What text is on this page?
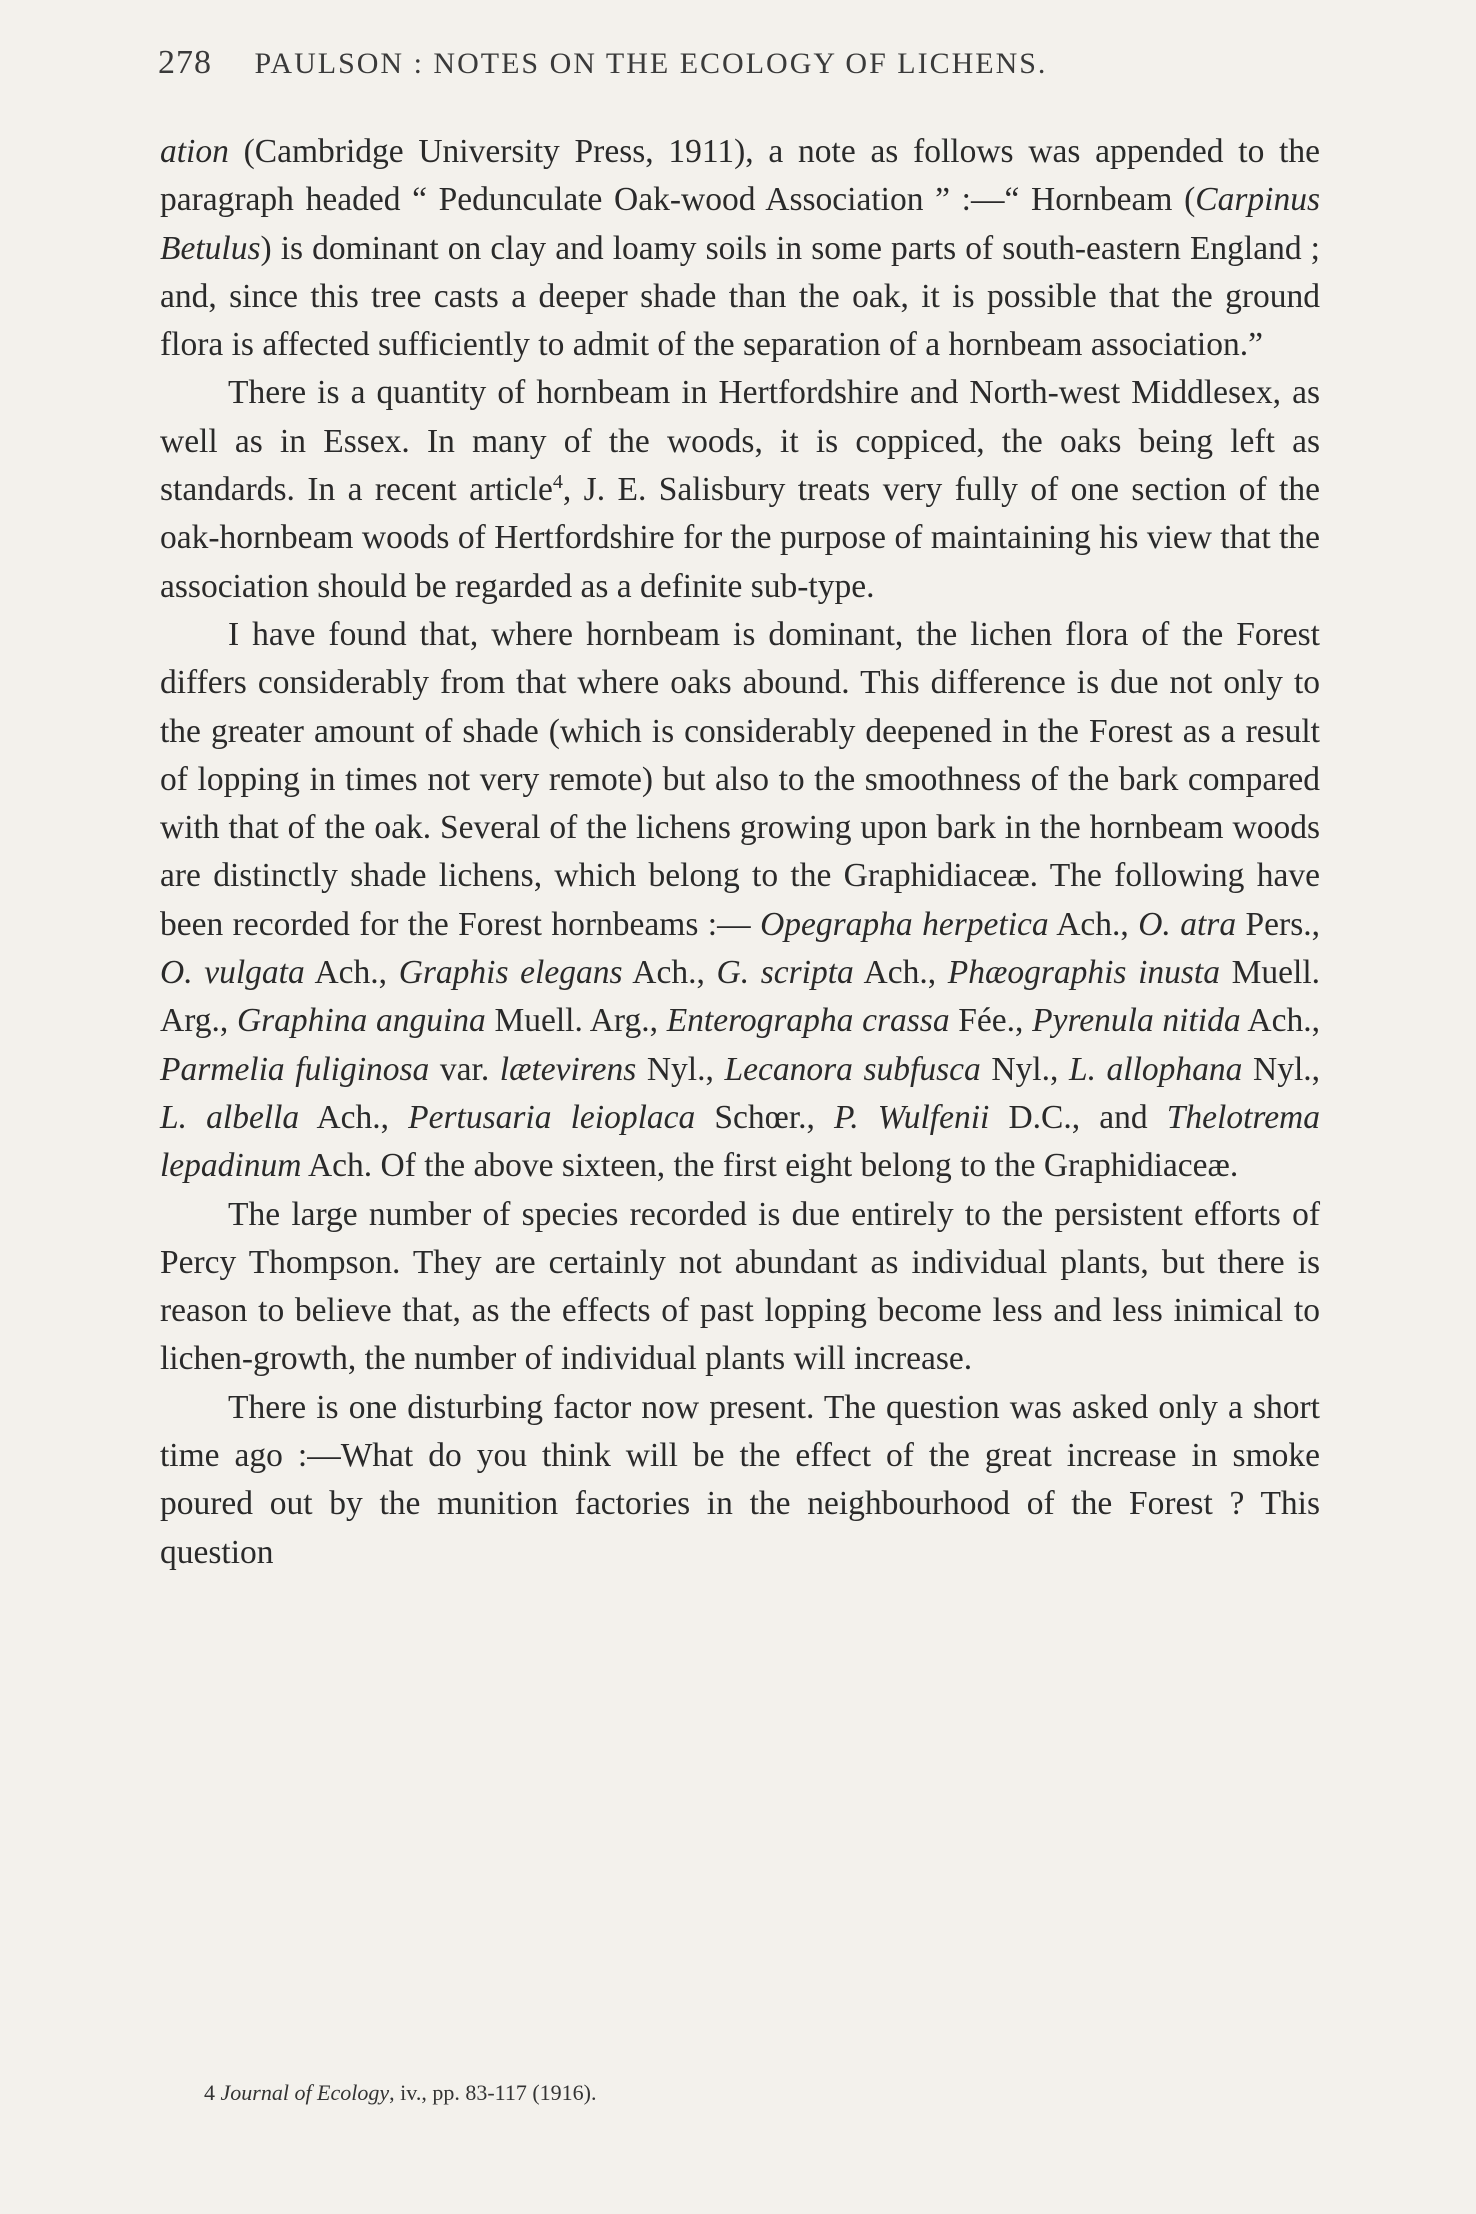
278 PAULSON : NOTES ON THE ECOLOGY OF LICHENS.

ation (Cambridge University Press, 1911), a note as follows was appended to the paragraph headed “ Pedunculate Oak-wood Association ” :—“ Hornbeam (Carpinus Betulus) is dominant on clay and loamy soils in some parts of south-eastern England ; and, since this tree casts a deeper shade than the oak, it is possible that the ground flora is affected sufficiently to admit of the separation of a hornbeam association.”

There is a quantity of hornbeam in Hertfordshire and North-west Middlesex, as well as in Essex. In many of the woods, it is coppiced, the oaks being left as standards. In a recent article$^4$, J. E. Salisbury treats very fully of one section of the oak-hornbeam woods of Hertfordshire for the purpose of maintaining his view that the association should be regarded as a definite sub-type.

I have found that, where hornbeam is dominant, the lichen flora of the Forest differs considerably from that where oaks abound. This difference is due not only to the greater amount of shade (which is considerably deepened in the Forest as a result of lopping in times not very remote) but also to the smoothness of the bark compared with that of the oak. Several of the lichens growing upon bark in the hornbeam woods are distinctly shade lichens, which belong to the Graphidiaceæ. The following have been recorded for the Forest hornbeams :— Opegrapha herpetica Ach., O. atra Pers., O. vulgata Ach., Graphis elegans Ach., G. scripta Ach., Phæographis inusta Muell. Arg., Graphina anguina Muell. Arg., Enterographa crassa Fée., Pyrenula nitida Ach., Parmelia fuliginosa var. lætevirens Nyl., Lecanora subfusca Nyl., L. allophana Nyl., L. albella Ach., Pertusaria leioplaca Schœr., P. Wulfenii D.C., and Thelotrema lepadinum Ach. Of the above sixteen, the first eight belong to the Graphidiaceæ.

The large number of species recorded is due entirely to the persistent efforts of Percy Thompson. They are certainly not abundant as individual plants, but there is reason to believe that, as the effects of past lopping become less and less inimical to lichen-growth, the number of individual plants will increase.

There is one disturbing factor now present. The question was asked only a short time ago :—What do you think will be the effect of the great increase in smoke poured out by the munition factories in the neighbourhood of the Forest ? This question

4 Journal of Ecology, iv., pp. 83-117 (1916).
